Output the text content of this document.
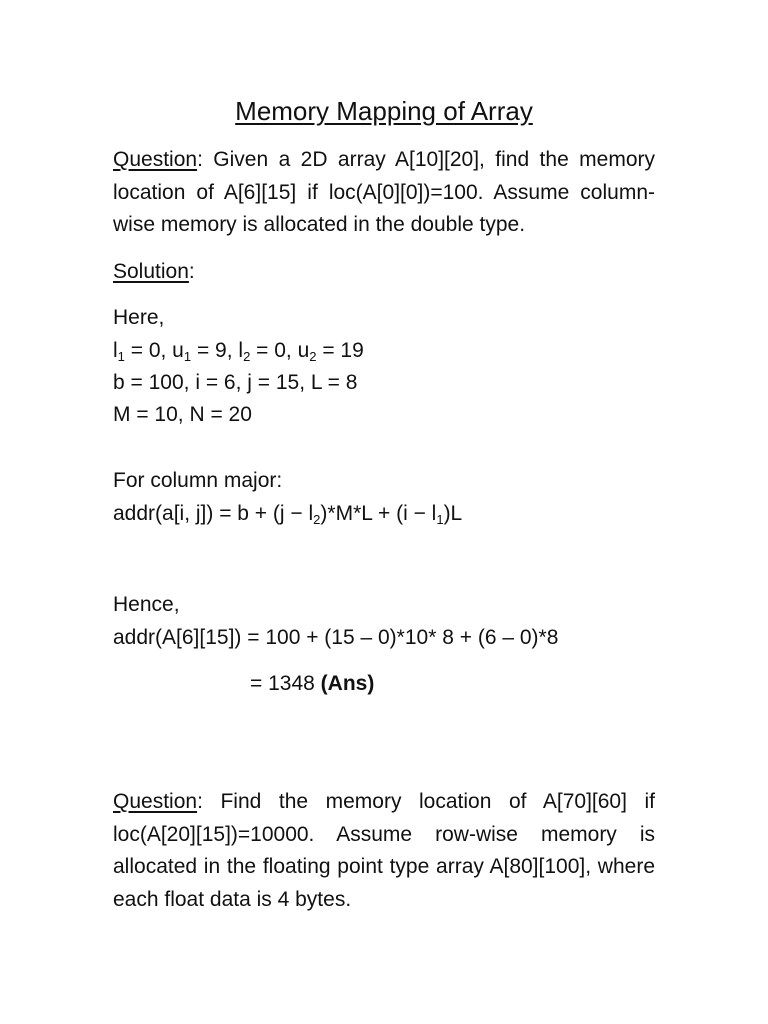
Memory Mapping of Array

Question: Given a 2D array A[10][20], find the memory location of A[6][15] if loc(A[0][0])=100. Assume column-wise memory is allocated in the double type.

Solution:
Here,
$l_1 = 0$, $u_1 = 9$, $l_2 = 0$, $u_2 = 19$
b = 100, i = 6, j = 15, L = 8
M = 10, N = 20
For column major:
addr(a[i, $j]) = b + (j - l_2)*M*L + (i - l_1)L$
Hence,
addr(A[6][15]) = 100 + (15 – 0)*10* 8 + (6 – 0)*8
= 1348 (Ans)

Question: Find the memory location of A[70][60] if loc(A[20][15])=10000. Assume row-wise memory is allocated in the floating point type array A[80][100], where each float data is 4 bytes.
